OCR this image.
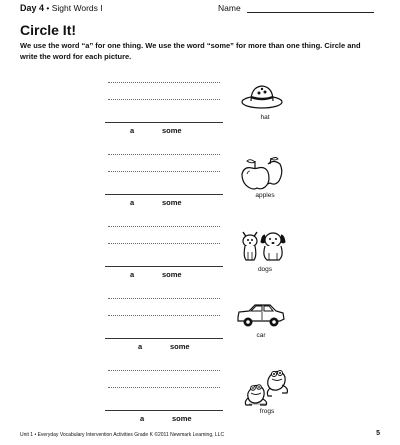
Day 4 • Sight Words I	Name
Circle It!
We use the word “a” for one thing. We use the word “some” for more than one thing. Circle and write the word for each picture.
a	some
hat
a	some
apples
a	some
dogs
a	some
car
a	some
frogs
Unit 1 • Everyday Vocabulary Intervention Activities Grade K ©2011 Newmark Learning, LLC	5
